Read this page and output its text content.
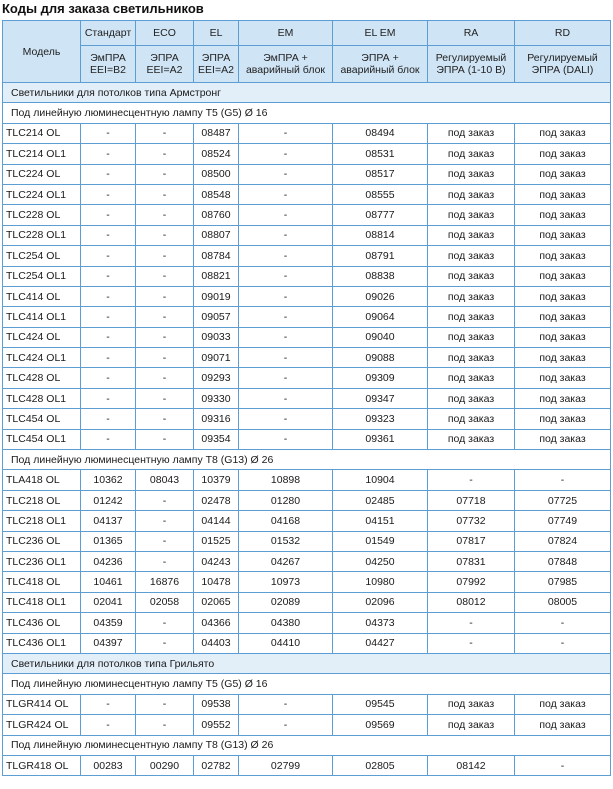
Коды для заказа светильников
Модель	Стандарт	ECO	EL	EM	EL EM	RA	RD
	ЭмПРА EEI=B2	ЭПРА EEI=A2	ЭПРА EEI=A2	ЭмПРА + аварийный блок	ЭПРА + аварийный блок	Регулируемый ЭПРА (1-10 В)	Регулируемый ЭПРА (DALI)
Светильники для потолков типа Армстронг							
Под линейную люминесцентную лампу T5 (G5) Ø 16							
TLC214 OL	-	-	08487	-	08494	под заказ	под заказ
TLC214 OL1	-	-	08524	-	08531	под заказ	под заказ
TLC224 OL	-	-	08500	-	08517	под заказ	под заказ
TLC224 OL1	-	-	08548	-	08555	под заказ	под заказ
TLC228 OL	-	-	08760	-	08777	под заказ	под заказ
TLC228 OL1	-	-	08807	-	08814	под заказ	под заказ
TLC254 OL	-	-	08784	-	08791	под заказ	под заказ
TLC254 OL1	-	-	08821	-	08838	под заказ	под заказ
TLC414 OL	-	-	09019	-	09026	под заказ	под заказ
TLC414 OL1	-	-	09057	-	09064	под заказ	под заказ
TLC424 OL	-	-	09033	-	09040	под заказ	под заказ
TLC424 OL1	-	-	09071	-	09088	под заказ	под заказ
TLC428 OL	-	-	09293	-	09309	под заказ	под заказ
TLC428 OL1	-	-	09330	-	09347	под заказ	под заказ
TLC454 OL	-	-	09316	-	09323	под заказ	под заказ
TLC454 OL1	-	-	09354	-	09361	под заказ	под заказ
Под линейную люминесцентную лампу T8 (G13) Ø 26							
TLA418 OL	10362	08043	10379	10898	10904	-	-
TLC218 OL	01242	-	02478	01280	02485	07718	07725
TLC218 OL1	04137	-	04144	04168	04151	07732	07749
TLC236 OL	01365	-	01525	01532	01549	07817	07824
TLC236 OL1	04236	-	04243	04267	04250	07831	07848
TLC418 OL	10461	16876	10478	10973	10980	07992	07985
TLC418 OL1	02041	02058	02065	02089	02096	08012	08005
TLC436 OL	04359	-	04366	04380	04373	-	-
TLC436 OL1	04397	-	04403	04410	04427	-	-
Светильники для потолков типа Грильято							
Под линейную люминесцентную лампу T5 (G5) Ø 16							
TLGR414 OL	-	-	09538	-	09545	под заказ	под заказ
TLGR424 OL	-	-	09552	-	09569	под заказ	под заказ
Под линейную люминесцентную лампу T8 (G13) Ø 26							
TLGR418 OL	00283	00290	02782	02799	02805	08142	-
